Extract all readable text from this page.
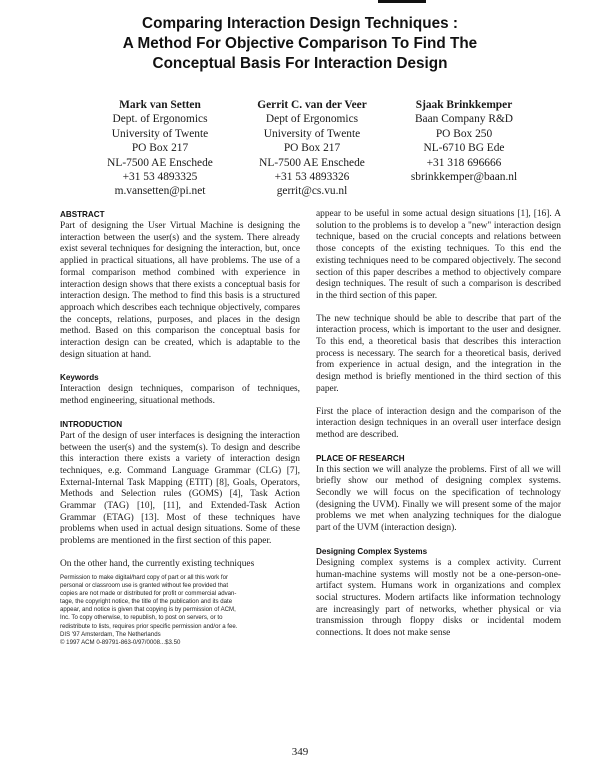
Comparing Interaction Design Techniques :
A Method For Objective Comparison To Find The
Conceptual Basis For Interaction Design
Mark van Setten
Dept. of Ergonomics
University of Twente
PO Box 217
NL-7500 AE Enschede
+31 53 4893325
m.vansetten@pi.net
Gerrit C. van der Veer
Dept of Ergonomics
University of Twente
PO Box 217
NL-7500 AE Enschede
+31 53 4893326
gerrit@cs.vu.nl
Sjaak Brinkkemper
Baan Company R&D
PO Box 250
NL-6710 BG Ede
+31 318 696666
sbrinkkemper@baan.nl
ABSTRACT
Part of designing the User Virtual Machine is designing the interaction between the user(s) and the system. There already exist several techniques for designing the interaction, but, once applied in practical situations, all have problems. The use of a formal comparison method combined with experience in interaction design shows that there exists a conceptual basis for interaction design. The method to find this basis is a structured approach which describes each technique objectively, compares the concepts, relations, purposes, and places in the design method. Based on this comparison the conceptual basis for interaction design can be created, which is adaptable to the design situation at hand.
Keywords
Interaction design techniques, comparison of techniques, method engineering, situational methods.
INTRODUCTION
Part of the design of user interfaces is designing the interaction between the user(s) and the system(s). To design and describe this interaction there exists a variety of interaction design techniques, e.g. Command Language Grammar (CLG) [7], External-Internal Task Mapping (ETIT) [8], Goals, Operators, Methods and Selection rules (GOMS) [4], Task Action Grammar (TAG) [10], [11], and Extended-Task Action Grammar (ETAG) [13]. Most of these techniques have problems when used in actual design situations. Some of these problems are mentioned in the first section of this paper.
On the other hand, the currently existing techniques
Permission to make digital/hard copy of part or all this work for
personal or classroom use is granted without fee provided that
copies are not made or distributed for profit or commercial advan-
tage, the copyright notice, the title of the publication and its date
appear, and notice is given that copying is by permission of ACM,
Inc. To copy otherwise, to republish, to post on servers, or to
redistribute to lists, requires prior specific permission and/or a fee.
DIS '97 Amsterdam, The Netherlands
© 1997 ACM 0-89791-863-0/97/0008...$3.50
appear to be useful in some actual design situations [1], [16]. A solution to the problems is to develop a "new" interaction design technique, based on the crucial concepts and relations between those concepts of the existing techniques. To this end the existing techniques need to be compared objectively. The second section of this paper describes a method to objectively compare design techniques. The result of such a comparison is described in the third section of this paper.
The new technique should be able to describe that part of the interaction process, which is important to the user and designer. To this end, a theoretical basis that describes this interaction process is necessary. The search for a theoretical basis, derived from experience in actual design, and the integration in the design method is briefly mentioned in the third section of this paper.
First the place of interaction design and the comparison of the interaction design techniques in an overall user interface design method are described.
PLACE OF RESEARCH
In this section we will analyze the problems. First of all we will briefly show our method of designing complex systems. Secondly we will focus on the specification of technology (designing the UVM). Finally we will present some of the major problems we met when analyzing techniques for the dialogue part of the UVM (interaction design).
Designing Complex Systems
Designing complex systems is a complex activity. Current human-machine systems will mostly not be a one-person-one-artifact system. Humans work in organizations and complex social structures. Modern artifacts like information technology are increasingly part of networks, whether physical or via transmission through floppy disks or incidental modem connections. It does not make sense
349
